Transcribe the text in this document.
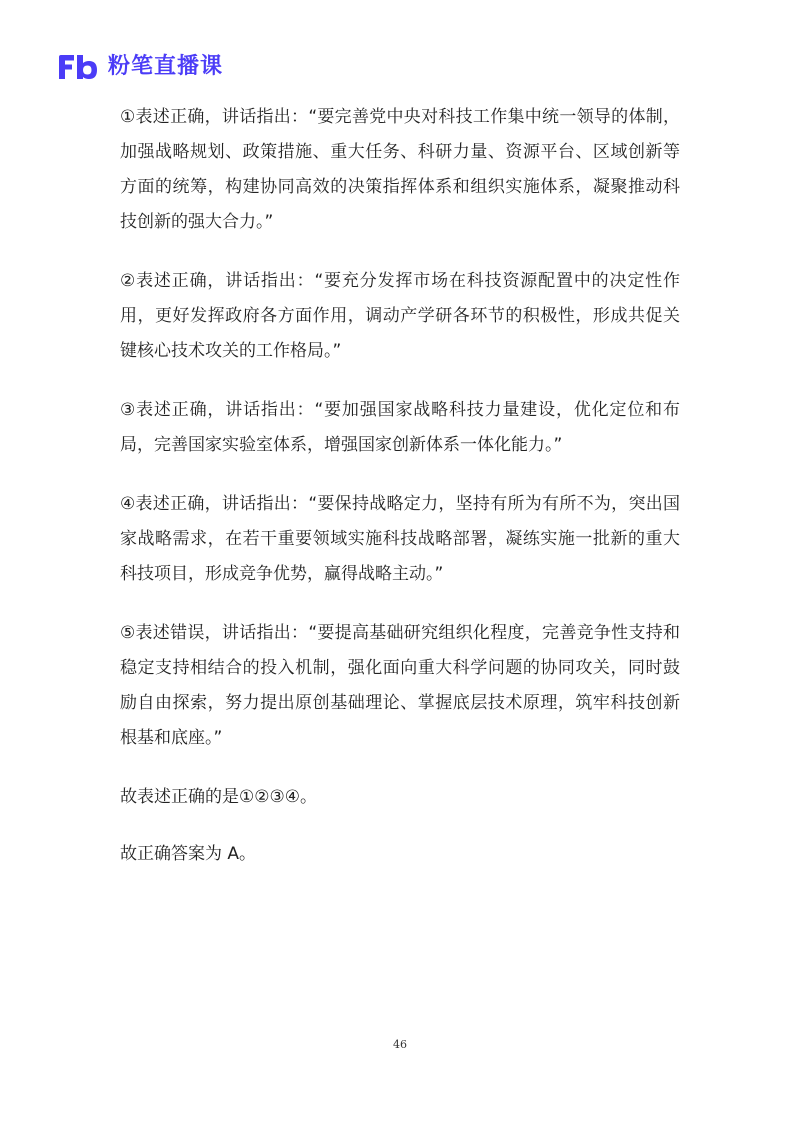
粉笔直播课

①表述正确，讲话指出：“要完善党中央对科技工作集中统一领导的体制，加强战略规划、政策措施、重大任务、科研力量、资源平台、区域创新等方面的统筹，构建协同高效的决策指挥体系和组织实施体系，凝聚推动科技创新的强大合力。”

②表述正确，讲话指出：“要充分发挥市场在科技资源配置中的决定性作用，更好发挥政府各方面作用，调动产学研各环节的积极性，形成共促关键核心技术攻关的工作格局。”

③表述正确，讲话指出：“要加强国家战略科技力量建设，优化定位和布局，完善国家实验室体系，增强国家创新体系一体化能力。”

④表述正确，讲话指出：“要保持战略定力，坚持有所为有所不为，突出国家战略需求，在若干重要领域实施科技战略部署，凝练实施一批新的重大科技项目，形成竞争优势，赢得战略主动。”

⑤表述错误，讲话指出：“要提高基础研究组织化程度，完善竞争性支持和稳定支持相结合的投入机制，强化面向重大科学问题的协同攻关，同时鼓励自由探索，努力提出原创基础理论、掌握底层技术原理，筑牢科技创新根基和底座。”

故表述正确的是①②③④。

故正确答案为 A。

46
